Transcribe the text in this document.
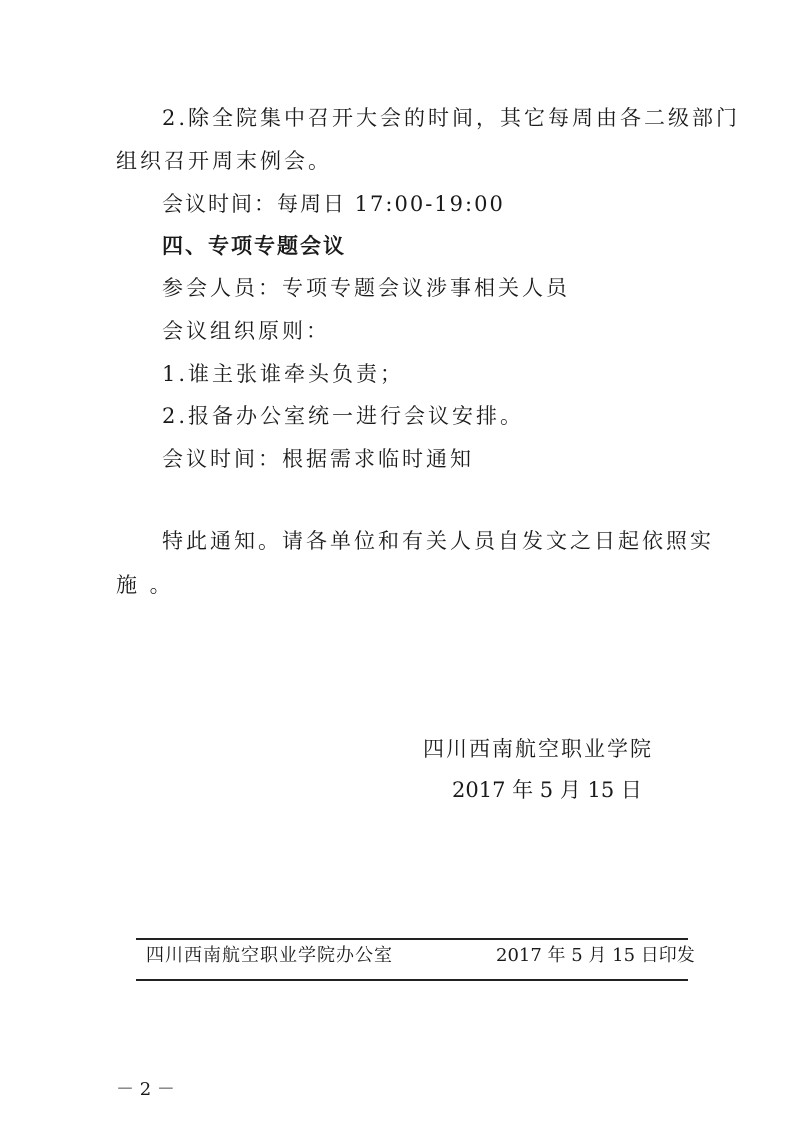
2.除全院集中召开大会的时间，其它每周由各二级部门
组织召开周末例会。
会议时间：每周日 17:00-19:00
四、专项专题会议
参会人员：专项专题会议涉事相关人员
会议组织原则：
1.谁主张谁牵头负责；
2.报备办公室统一进行会议安排。
会议时间：根据需求临时通知
特此通知。请各单位和有关人员自发文之日起依照实
施 。
四川西南航空职业学院
2017 年 5 月 15 日
四川西南航空职业学院办公室	2017 年 5 月 15 日印发
－ 2 －
